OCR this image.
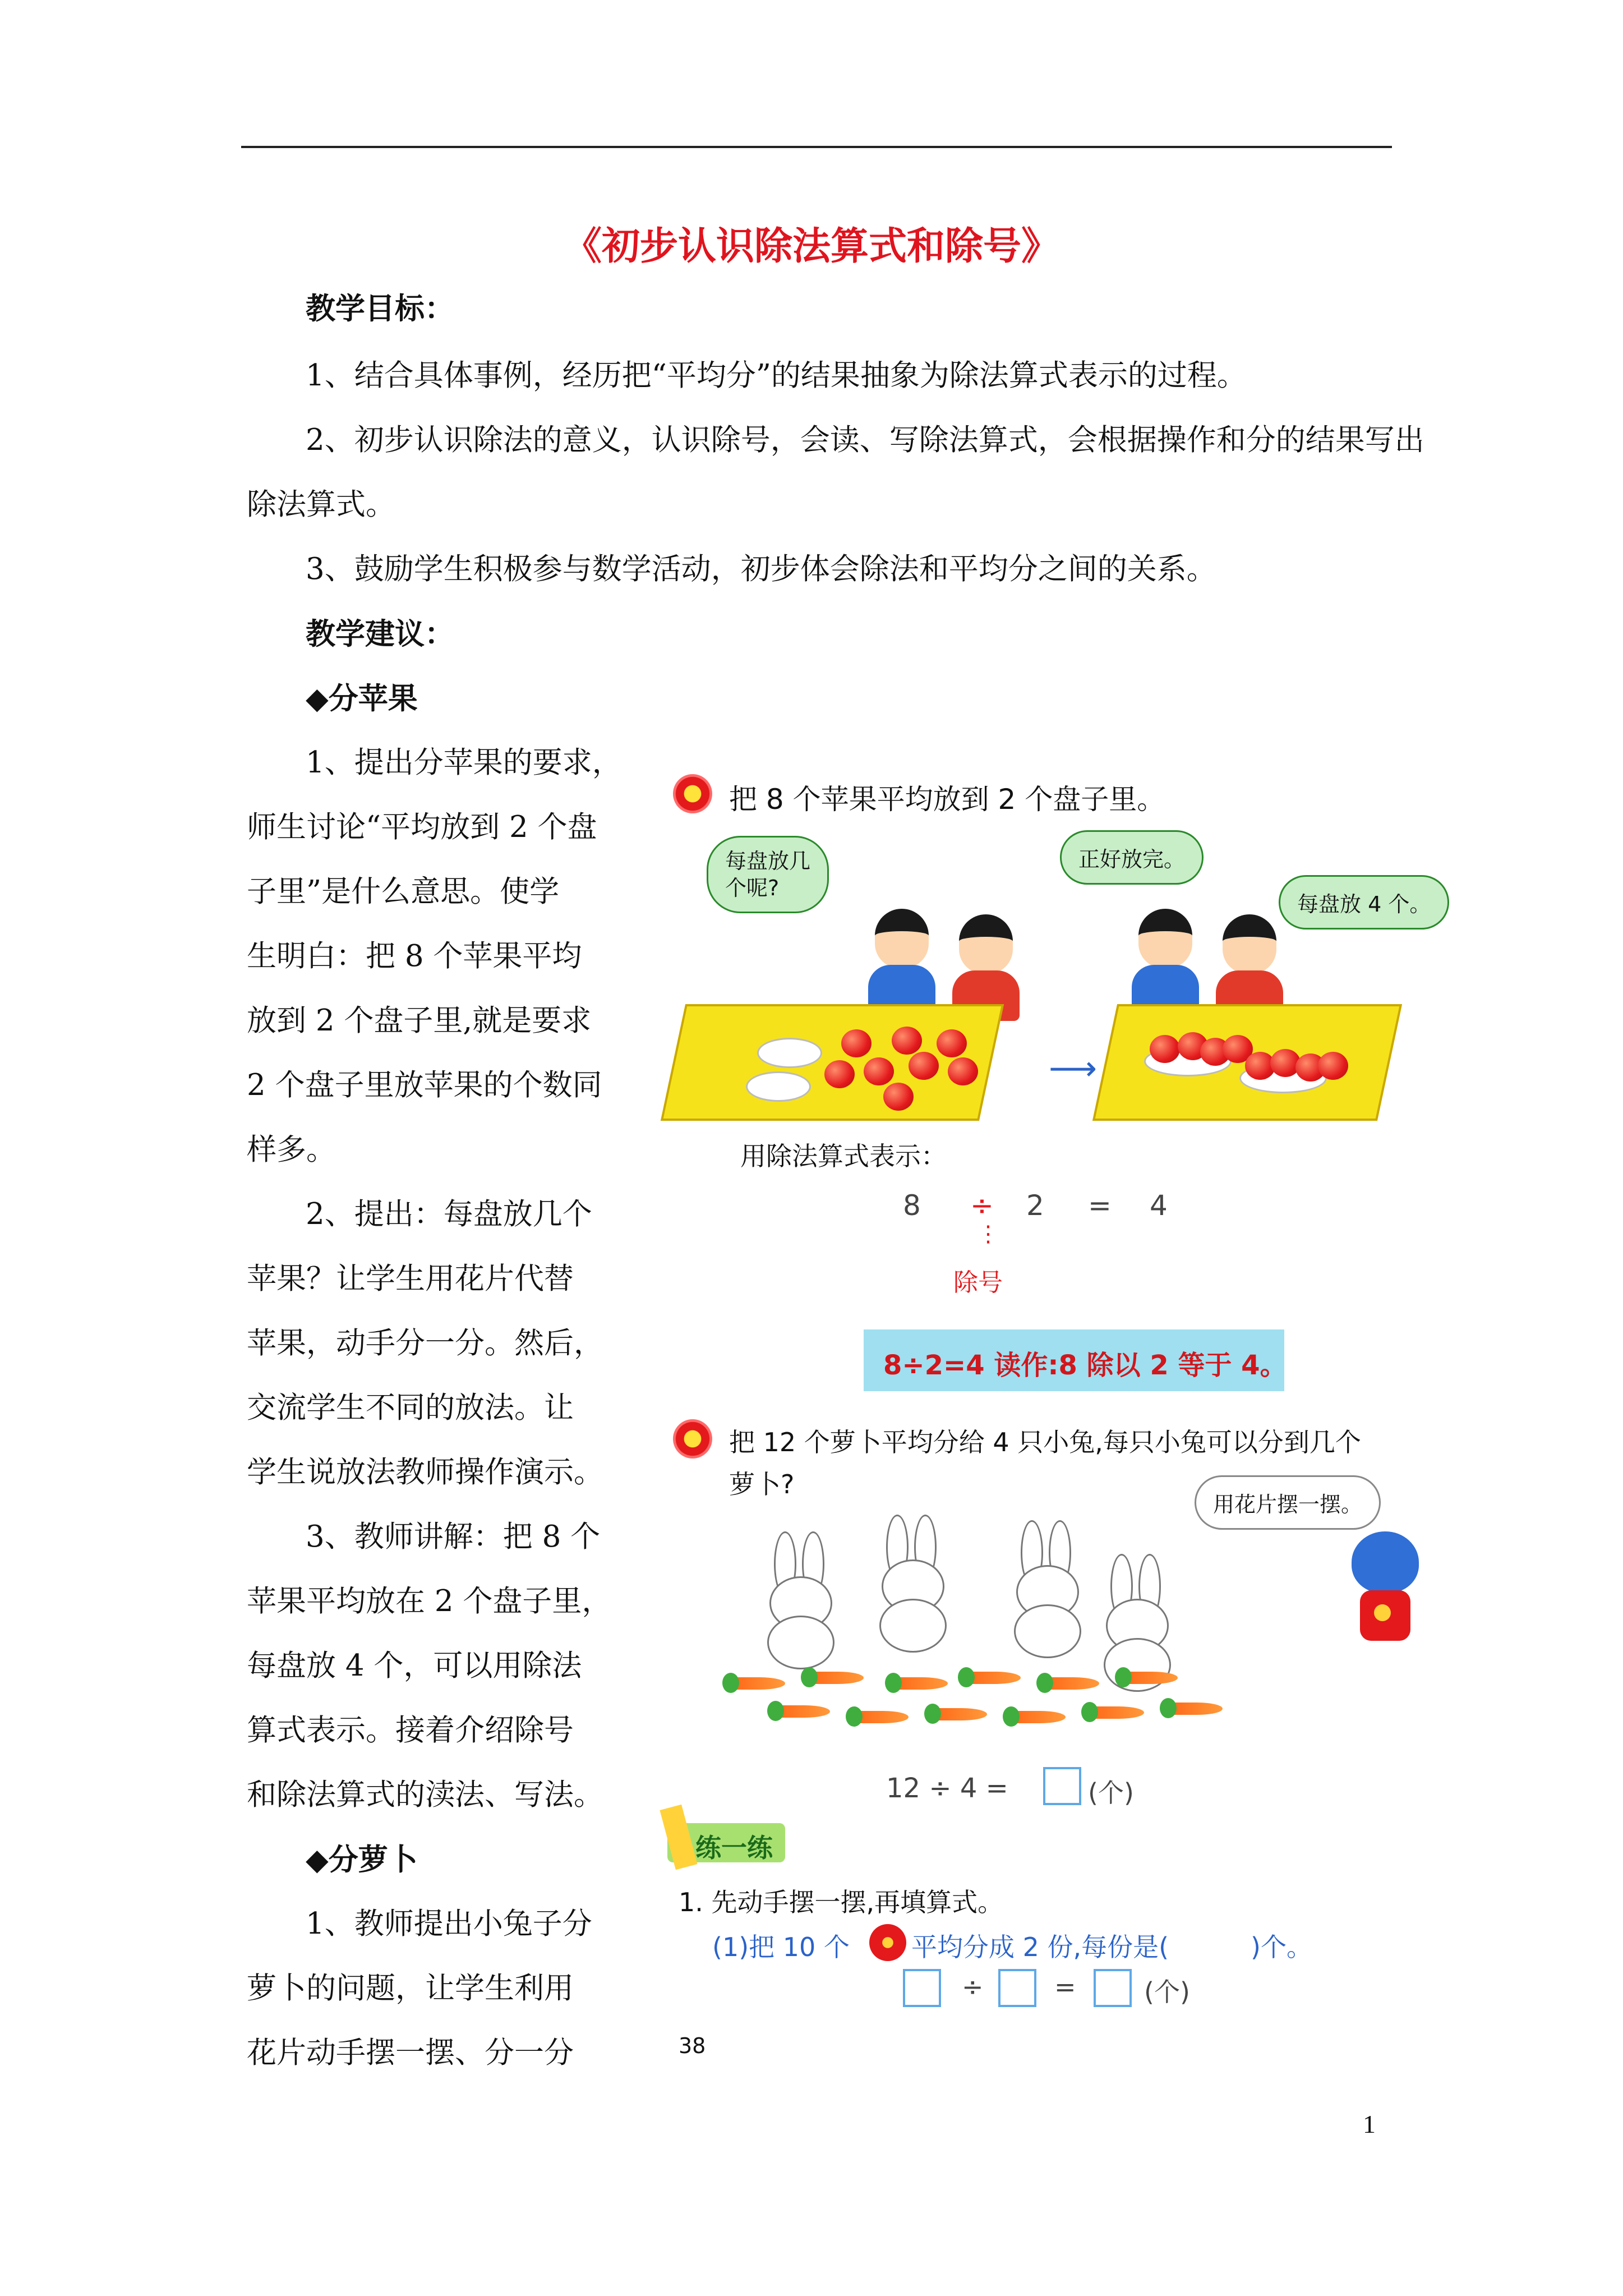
《初步认识除法算式和除号》
教学目标：
1、结合具体事例，经历把“平均分”的结果抽象为除法算式表示的过程。
2、初步认识除法的意义，认识除号，会读、写除法算式，会根据操作和分的结果写出
除法算式。
3、鼓励学生积极参与数学活动，初步体会除法和平均分之间的关系。
教学建议：
◆分苹果
1、提出分苹果的要求，
师生讨论“平均放到 2 个盘
子里”是什么意思。使学
生明白：把 8 个苹果平均
放到 2 个盘子里,就是要求
2 个盘子里放苹果的个数同
样多。
2、提出：每盘放几个
苹果？让学生用花片代替
苹果，动手分一分。然后，
交流学生不同的放法。让
学生说放法教师操作演示。
3、教师讲解：把 8 个
苹果平均放在 2 个盘子里，
每盘放 4 个，可以用除法
算式表示。接着介绍除号
和除法算式的渎法、写法。
◆分萝卜
1、教师提出小兔子分
萝卜的问题，让学生利用
花片动手摆一摆、分一分
把 8 个苹果平均放到 2 个盘子里。
每盘放几
个呢?
正好放完。
每盘放 4 个。
⟶
用除法算式表示：
8 ÷ 2 = 4
⋮
除号
8÷2=4 读作:8 除以 2 等于 4。
把 12 个萝卜平均分给 4 只小兔,每只小兔可以分到几个
萝卜?
用花片摆一摆。
12 ÷ 4 =	(个)
练一练
1. 先动手摆一摆,再填算式。
(1)把 10 个 平均分成 2 份,每份是(	)个。
÷	=	(个)
38
1
